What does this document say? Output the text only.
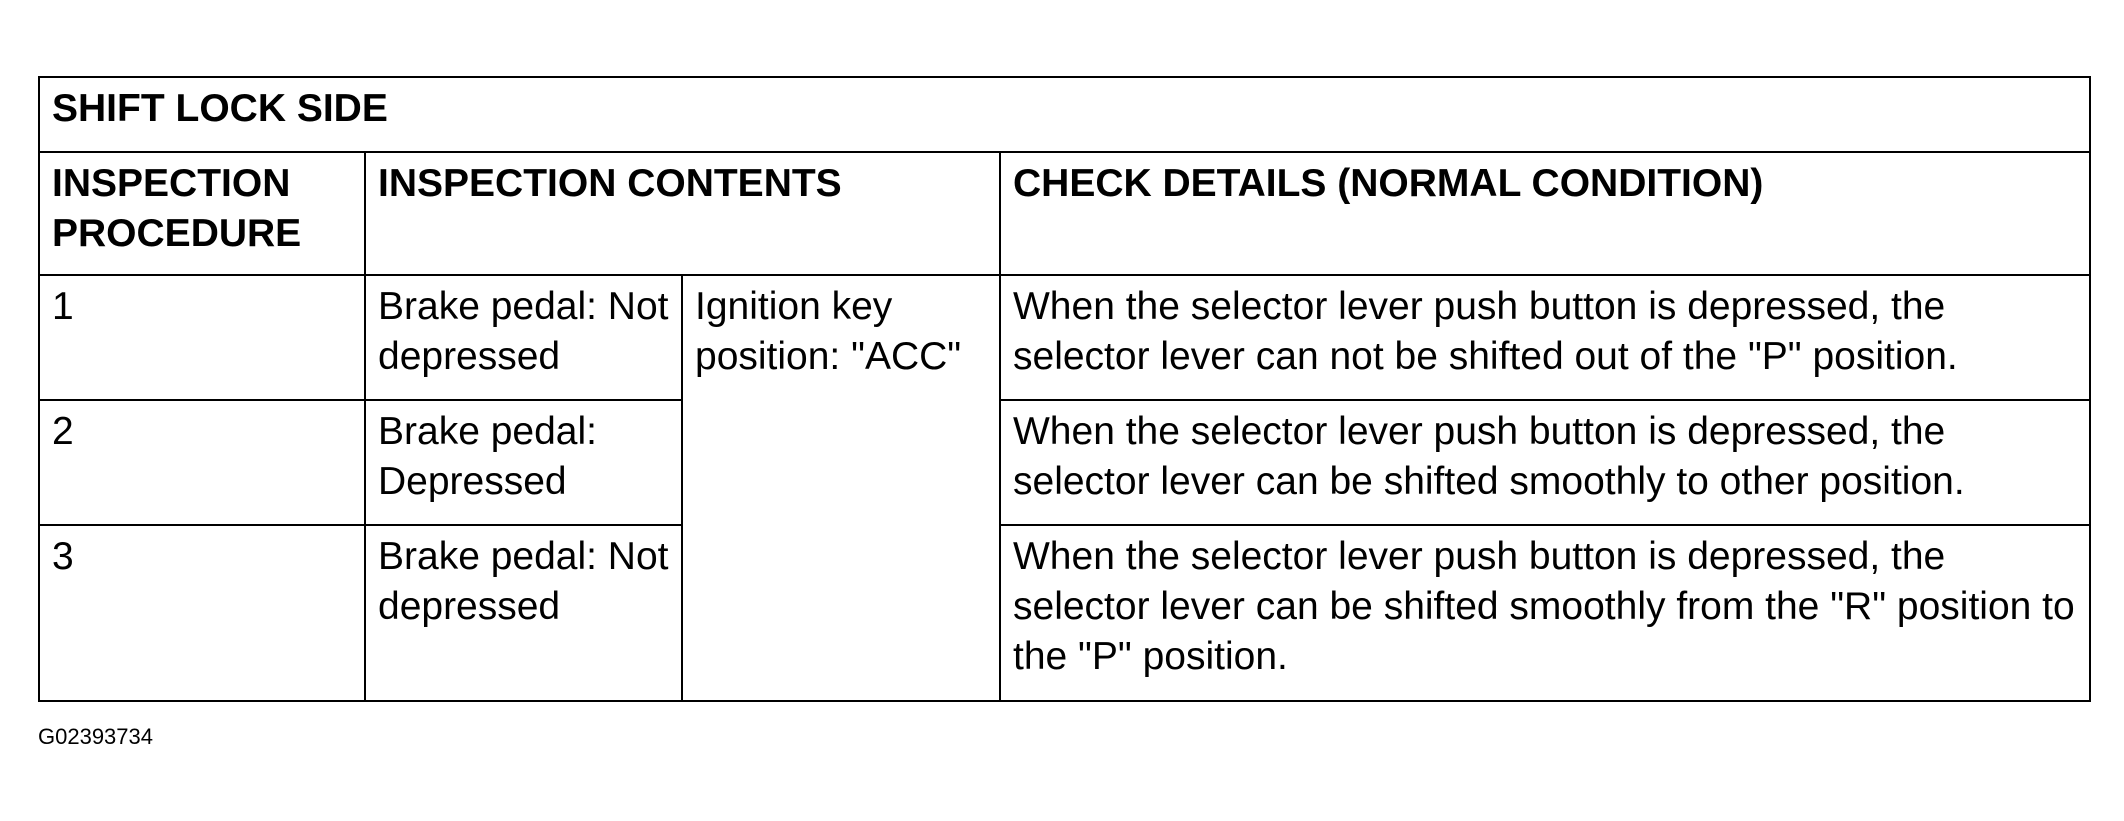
SHIFT LOCK SIDE			
INSPECTION PROCEDURE	INSPECTION CONTENTS		CHECK DETAILS (NORMAL CONDITION)
1	Brake pedal: Not depressed	Ignition key position: "ACC"	When the selector lever push button is depressed, the selector lever can not be shifted out of the "P" position.
2	Brake pedal: Depressed		When the selector lever push button is depressed, the selector lever can be shifted smoothly to other position.
3	Brake pedal: Not depressed		When the selector lever push button is depressed, the selector lever can be shifted smoothly from the "R" position to the "P" position.
G02393734
